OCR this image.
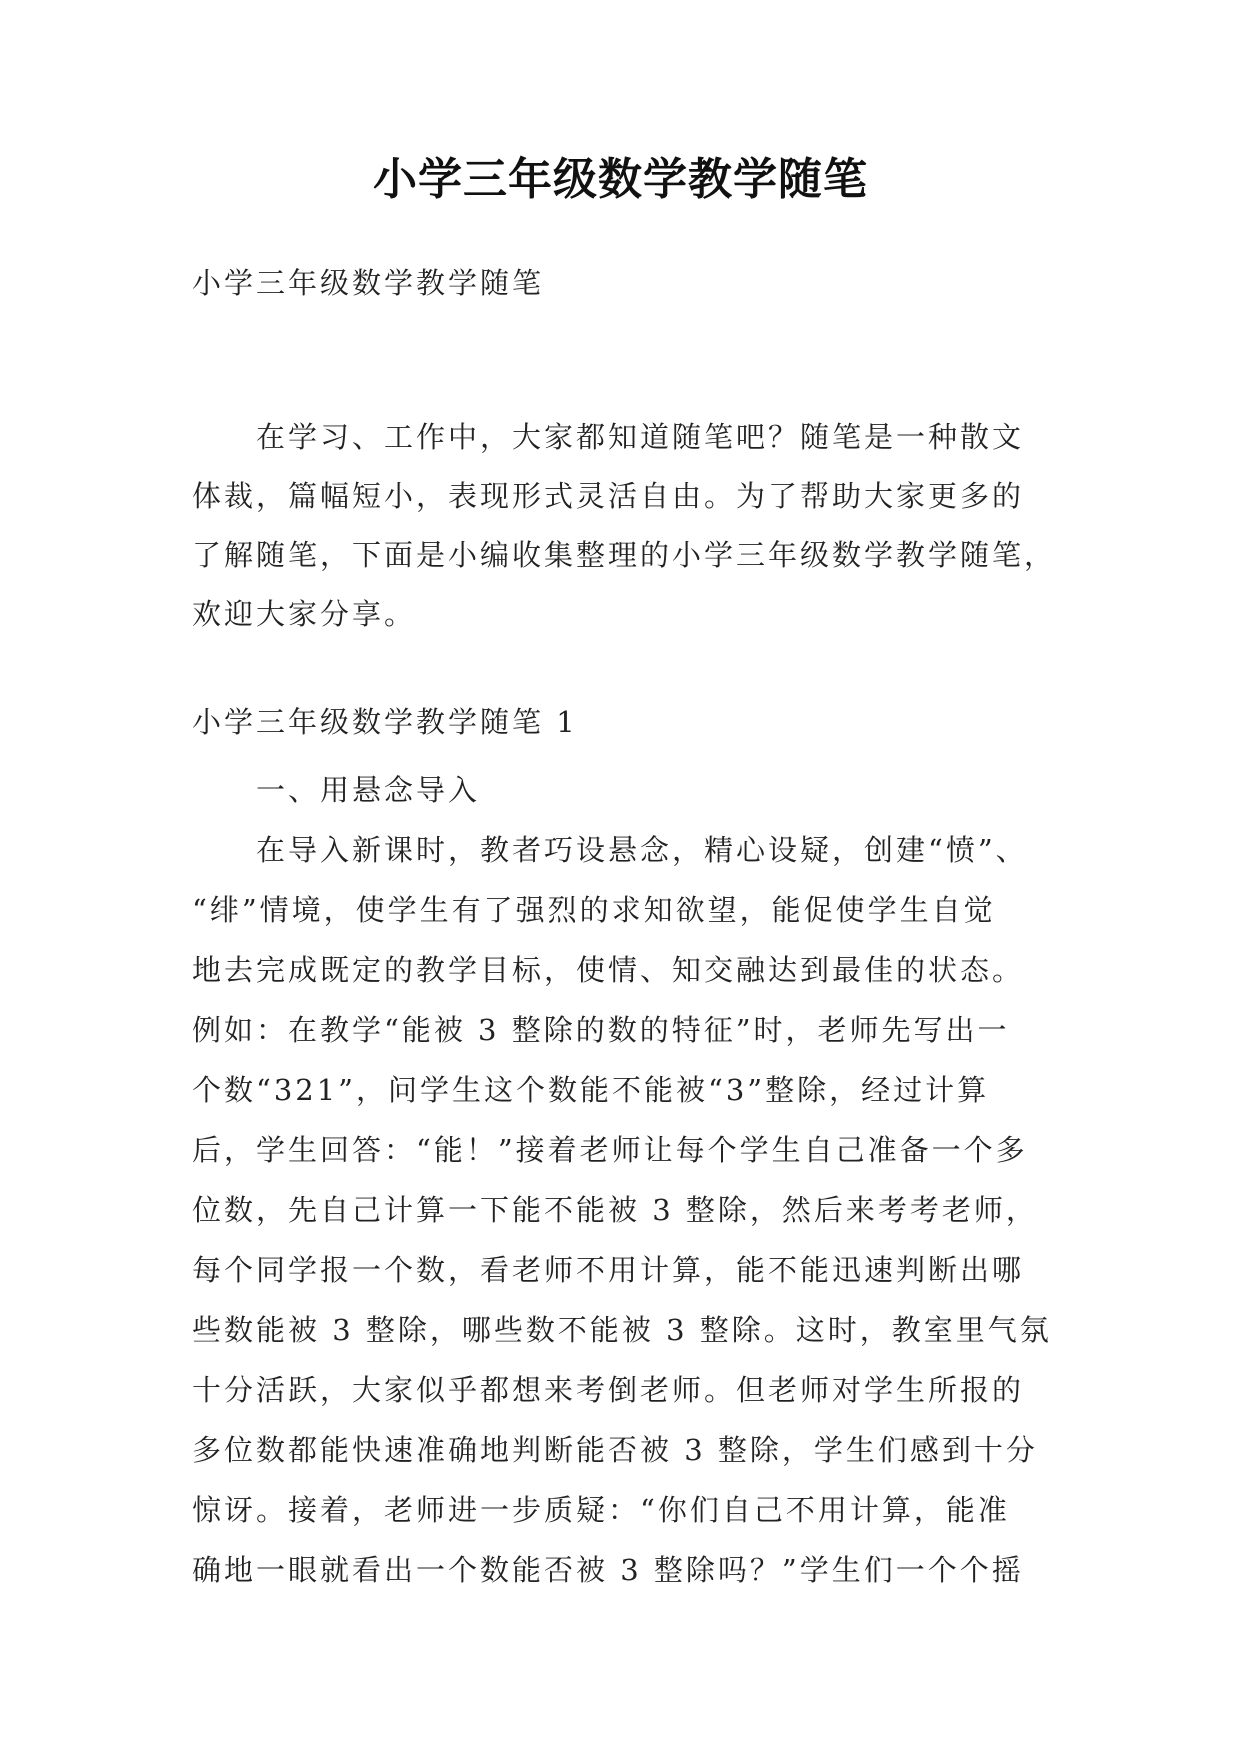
小学三年级数学教学随笔
小学三年级数学教学随笔
在学习、工作中，大家都知道随笔吧？随笔是一种散文
体裁，篇幅短小，表现形式灵活自由。为了帮助大家更多的
了解随笔，下面是小编收集整理的小学三年级数学教学随笔，
欢迎大家分享。
小学三年级数学教学随笔 1
一、用悬念导入
在导入新课时，教者巧设悬念，精心设疑，创建“愤”、
“绯”情境，使学生有了强烈的求知欲望，能促使学生自觉
地去完成既定的教学目标，使情、知交融达到最佳的状态。
例如：在教学“能被 3 整除的数的特征”时，老师先写出一
个数“321”，问学生这个数能不能被“3”整除，经过计算
后，学生回答：“能！”接着老师让每个学生自己准备一个多
位数，先自己计算一下能不能被 3 整除，然后来考考老师，
每个同学报一个数，看老师不用计算，能不能迅速判断出哪
些数能被 3 整除，哪些数不能被 3 整除。这时，教室里气氛
十分活跃，大家似乎都想来考倒老师。但老师对学生所报的
多位数都能快速准确地判断能否被 3 整除，学生们感到十分
惊讶。接着，老师进一步质疑：“你们自己不用计算，能准
确地一眼就看出一个数能否被 3 整除吗？”学生们一个个摇
